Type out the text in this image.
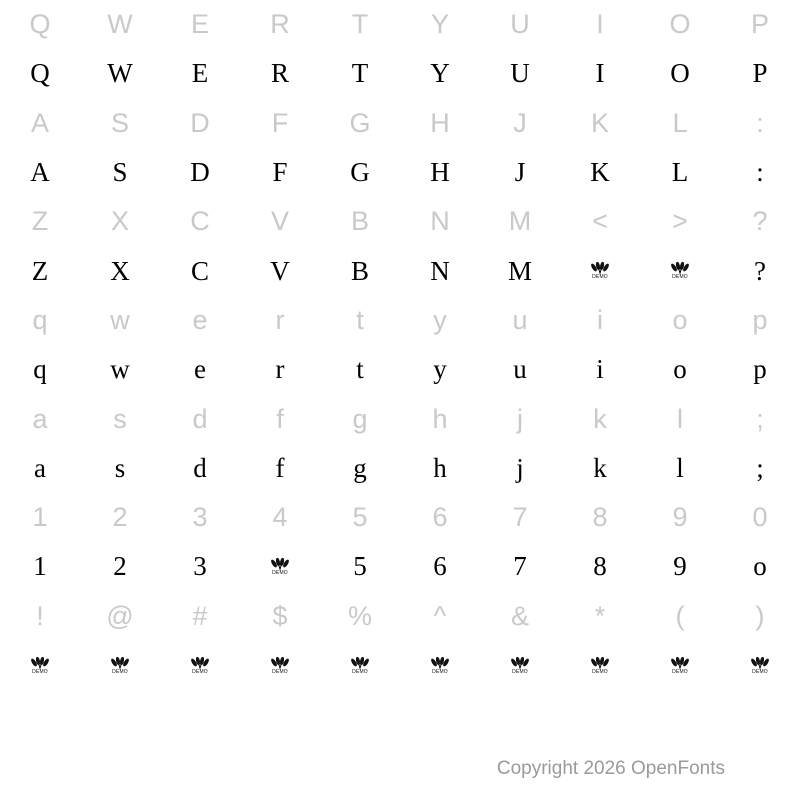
Q	W	E	R	T	Y	U	I	O	P
Q	W	E	R	T	Y	U	I	O	P
A	S	D	F	G	H	J	K	L	:
A	S	D	F	G	H	J	K	L	:
Z	X	C	V	B	N	M	<	>	?
Z	X	C	V	B	N	M	DEMO	DEMO	?
q	w	e	r	t	y	u	i	o	p
q	w	e	r	t	y	u	i	o	p
a	s	d	f	g	h	j	k	l	;
a	s	d	f	g	h	j	k	l	;
1	2	3	4	5	6	7	8	9	0
1	2	3	DEMO	5	6	7	8	9	o
!	@	#	$	%	^	&	*	(	)
DEMO	DEMO	DEMO	DEMO	DEMO	DEMO	DEMO	DEMO	DEMO	DEMO
Copyright 2026 OpenFonts
